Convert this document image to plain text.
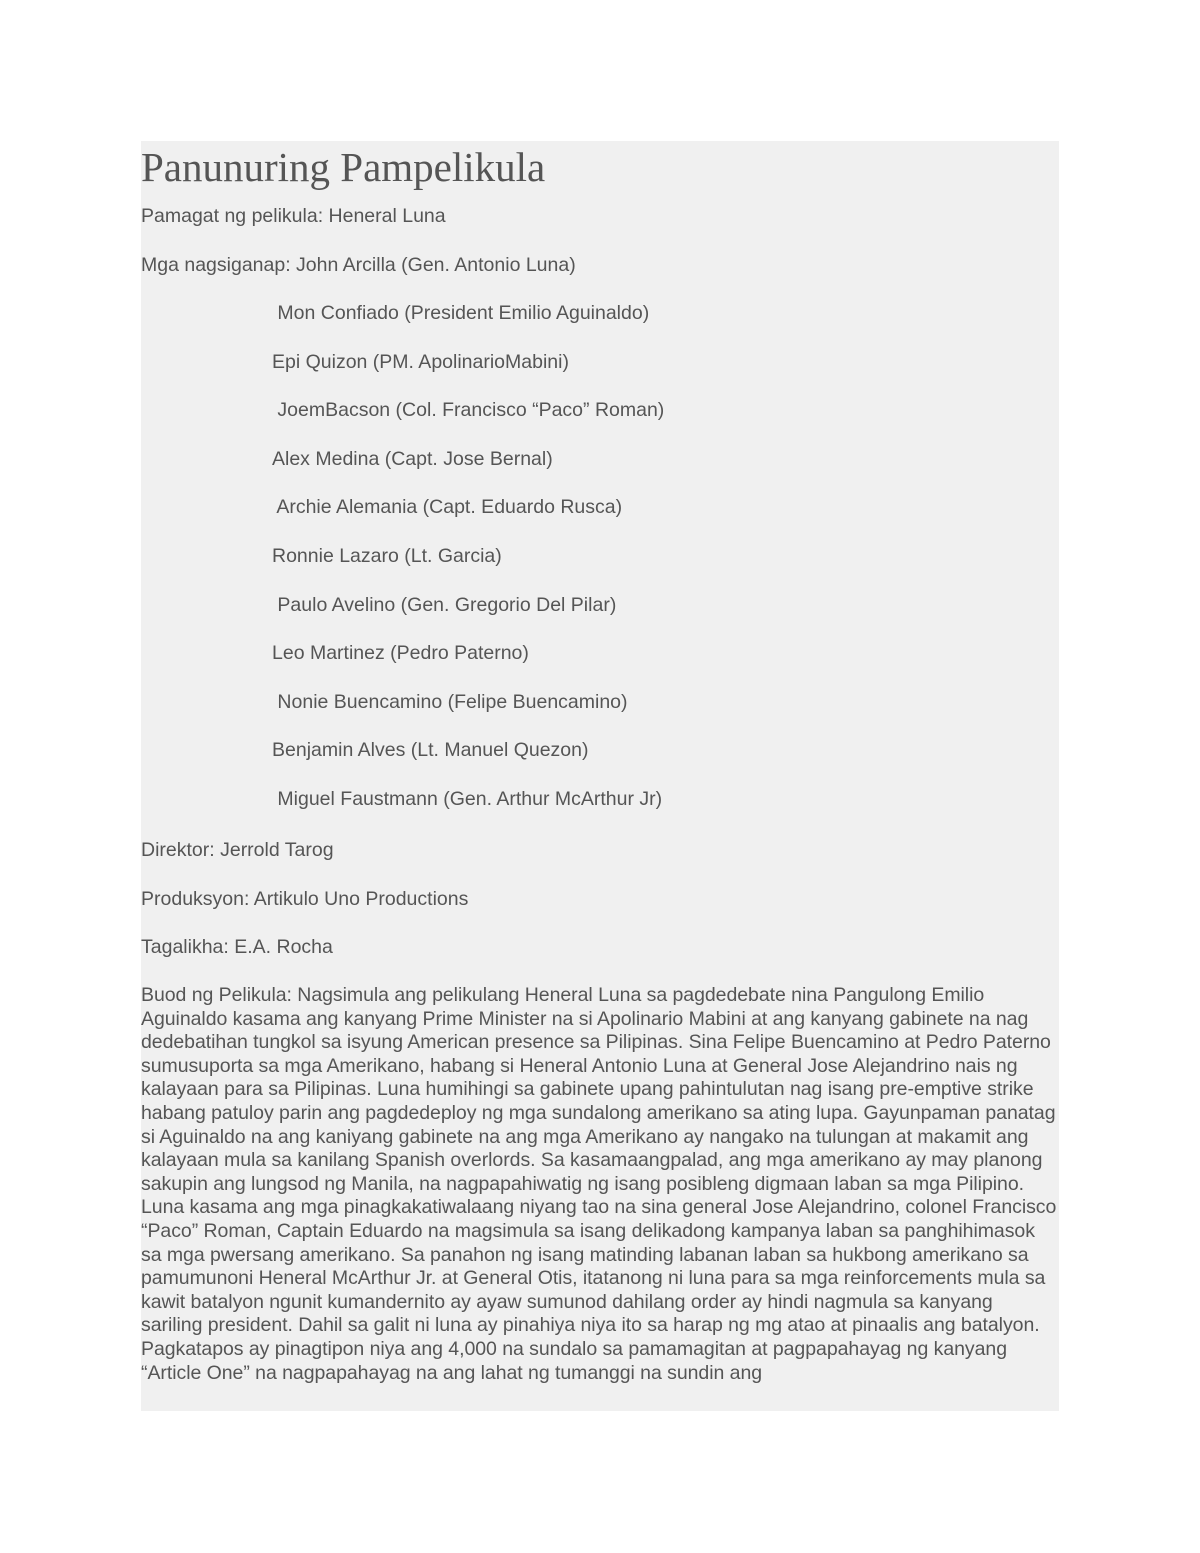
Panunuring Pampelikula

Pamagat ng pelikula: Heneral Luna

Mga nagsiganap: John Arcilla (Gen. Antonio Luna)

Mon Confiado (President Emilio Aguinaldo)
Epi Quizon (PM. ApolinarioMabini)
JoemBacson (Col. Francisco “Paco” Roman)
Alex Medina (Capt. Jose Bernal)
Archie Alemania (Capt. Eduardo Rusca)
Ronnie Lazaro (Lt. Garcia)
Paulo Avelino (Gen. Gregorio Del Pilar)
Leo Martinez (Pedro Paterno)
Nonie Buencamino (Felipe Buencamino)
Benjamin Alves (Lt. Manuel Quezon)
Miguel Faustmann (Gen. Arthur McArthur Jr)

Direktor: Jerrold Tarog

Produksyon: Artikulo Uno Productions

Tagalikha: E.A. Rocha

Buod ng Pelikula: Nagsimula ang pelikulang Heneral Luna sa pagdedebate nina Pangulong Emilio Aguinaldo kasama ang kanyang Prime Minister na si Apolinario Mabini at ang kanyang gabinete na nag dedebatihan tungkol sa isyung American presence sa Pilipinas. Sina Felipe Buencamino at Pedro Paterno sumusuporta sa mga Amerikano, habang si Heneral Antonio Luna at General Jose Alejandrino nais ng kalayaan para sa Pilipinas. Luna humihingi sa gabinete upang pahintulutan nag isang pre-emptive strike habang patuloy parin ang pagdedeploy ng mga sundalong amerikano sa ating lupa. Gayunpaman panatag si Aguinaldo na ang kaniyang gabinete na ang mga Amerikano ay nangako na tulungan at makamit ang kalayaan mula sa kanilang Spanish overlords. Sa kasamaangpalad, ang mga amerikano ay may planong sakupin ang lungsod ng Manila, na nagpapahiwatig ng isang posibleng digmaan laban sa mga Pilipino. Luna kasama ang mga pinagkakatiwalaang niyang tao na sina general Jose Alejandrino, colonel Francisco “Paco” Roman, Captain Eduardo na magsimula sa isang delikadong kampanya laban sa panghihimasok sa mga pwersang amerikano. Sa panahon ng isang matinding labanan laban sa hukbong amerikano sa pamumunoni Heneral McArthur Jr. at General Otis, itatanong ni luna para sa mga reinforcements mula sa kawit batalyon ngunit kumandernito ay ayaw sumunod dahilang order ay hindi nagmula sa kanyang sariling president. Dahil sa galit ni luna ay pinahiya niya ito sa harap ng mg atao at pinaalis ang batalyon. Pagkatapos ay pinagtipon niya ang 4,000 na sundalo sa pamamagitan at pagpapahayag ng kanyang “Article One” na nagpapahayag na ang lahat ng tumanggi na sundin ang
